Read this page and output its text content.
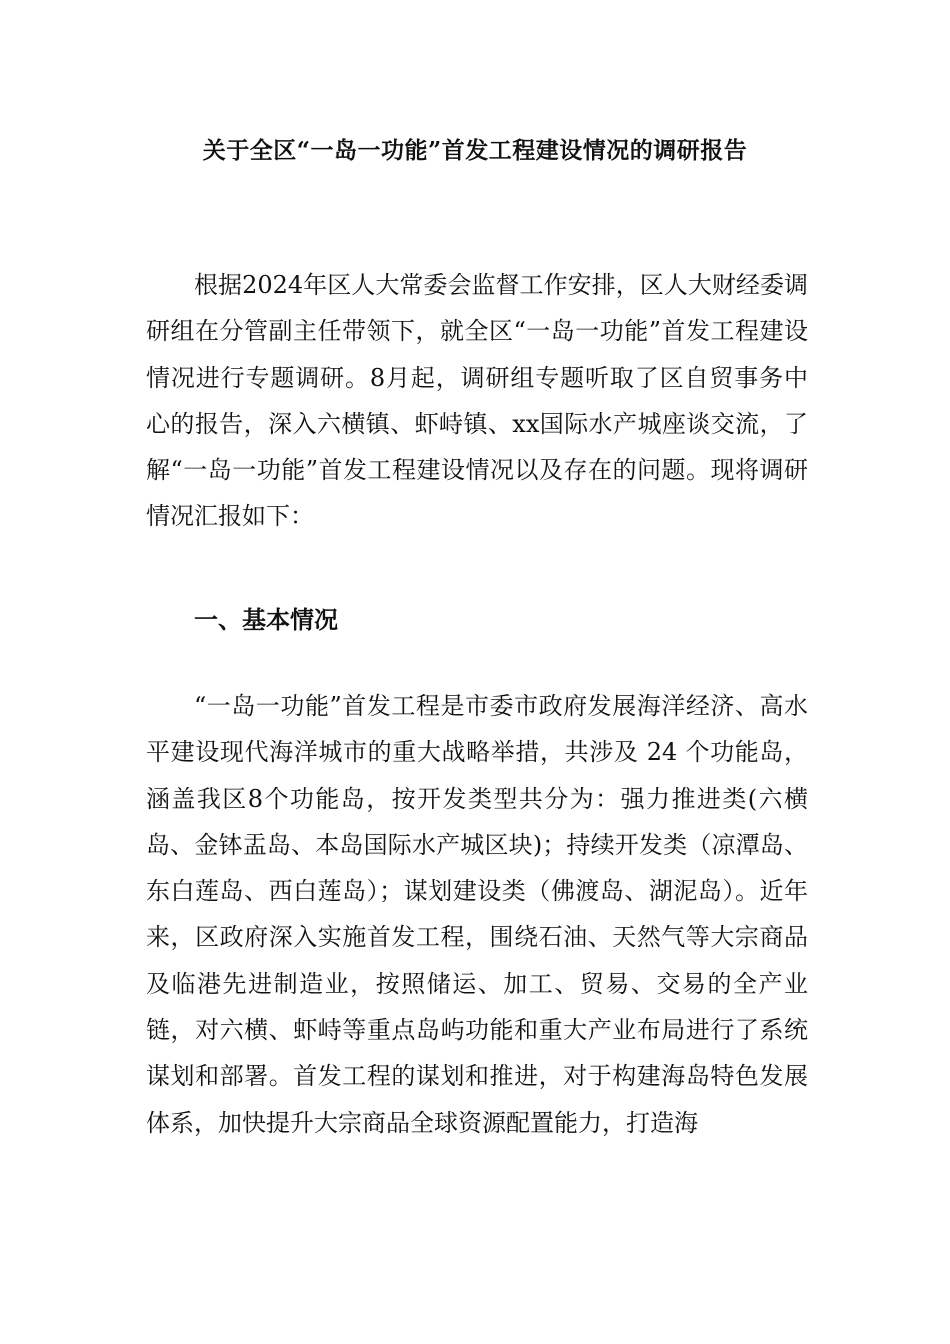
关于全区“一岛一功能”首发工程建设情况的调研报告

根据2024年区人大常委会监督工作安排，区人大财经委调研组在分管副主任带领下，就全区“一岛一功能”首发工程建设情况进行专题调研。8月起，调研组专题听取了区自贸事务中心的报告，深入六横镇、虾峙镇、xx国际水产城座谈交流，了解“一岛一功能”首发工程建设情况以及存在的问题。现将调研情况汇报如下：

一、基本情况

“一岛一功能”首发工程是市委市政府发展海洋经济、高水平建设现代海洋城市的重大战略举措，共涉及 24 个功能岛，涵盖我区8个功能岛，按开发类型共分为：强力推进类(六横岛、金钵盂岛、本岛国际水产城区块)；持续开发类（凉潭岛、东白莲岛、西白莲岛）；谋划建设类（佛渡岛、湖泥岛）。近年来，区政府深入实施首发工程，围绕石油、天然气等大宗商品及临港先进制造业，按照储运、加工、贸易、交易的全产业链，对六横、虾峙等重点岛屿功能和重大产业布局进行了系统谋划和部署。首发工程的谋划和推进，对于构建海岛特色发展体系，加快提升大宗商品全球资源配置能力，打造海
